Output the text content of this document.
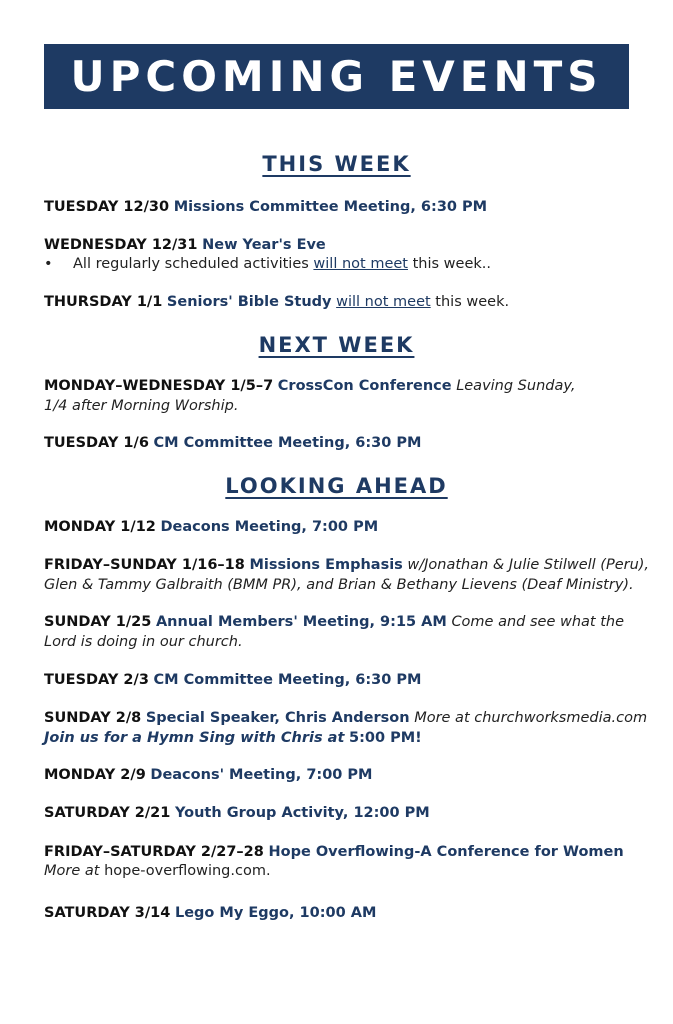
UPCOMING EVENTS
THIS WEEK
TUESDAY 12/30 Missions Committee Meeting, 6:30 PM
WEDNESDAY 12/31 New Year's Eve
• All regularly scheduled activities will not meet this week..
THURSDAY 1/1 Seniors' Bible Study will not meet this week.
NEXT WEEK
MONDAY–WEDNESDAY 1/5–7 CrossCon Conference Leaving Sunday,
1/4 after Morning Worship.
TUESDAY 1/6 CM Committee Meeting, 6:30 PM
LOOKING AHEAD
MONDAY 1/12 Deacons Meeting, 7:00 PM
FRIDAY–SUNDAY 1/16–18 Missions Emphasis w/Jonathan & Julie Stilwell (Peru),
Glen & Tammy Galbraith (BMM PR), and Brian & Bethany Lievens (Deaf Ministry).
SUNDAY 1/25 Annual Members' Meeting, 9:15 AM Come and see what the
Lord is doing in our church.
TUESDAY 2/3 CM Committee Meeting, 6:30 PM
SUNDAY 2/8 Special Speaker, Chris Anderson More at churchworksmedia.com
Join us for a Hymn Sing with Chris at 5:00 PM!
MONDAY 2/9 Deacons' Meeting, 7:00 PM
SATURDAY 2/21 Youth Group Activity, 12:00 PM
FRIDAY–SATURDAY 2/27–28 Hope Overflowing-A Conference for Women
More at hope-overflowing.com.
SATURDAY 3/14 Lego My Eggo, 10:00 AM
